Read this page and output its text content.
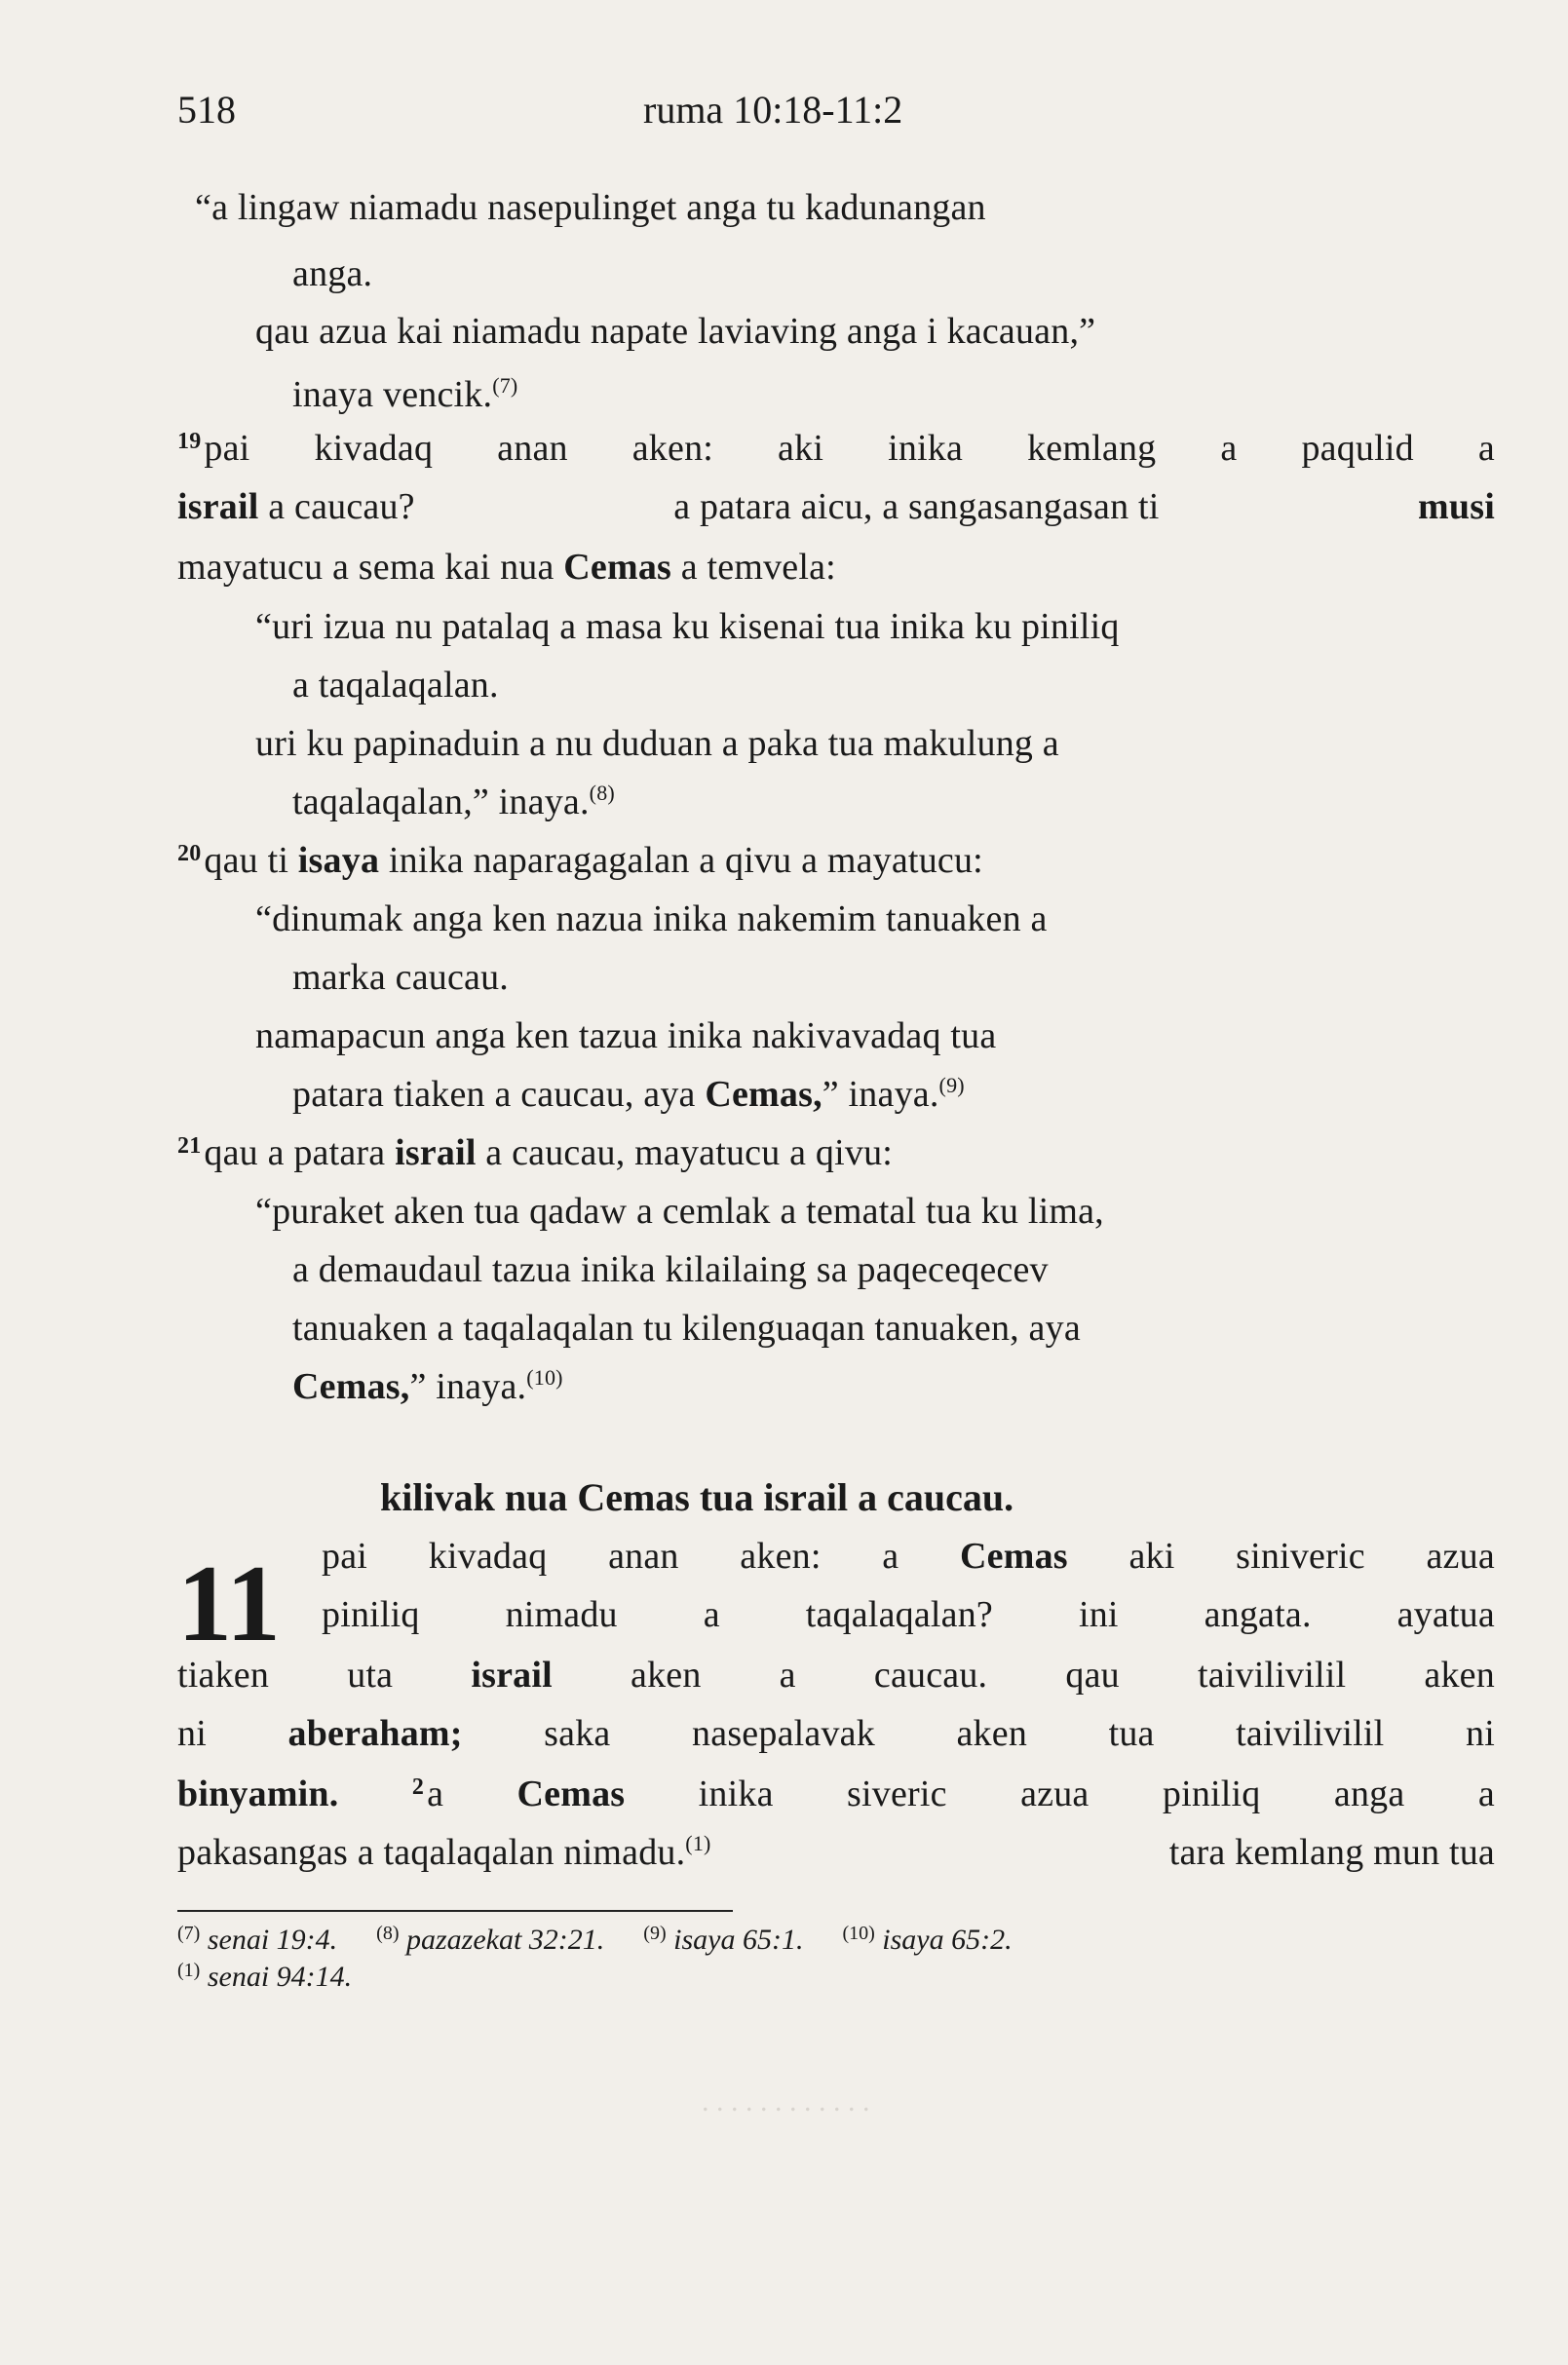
518	ruma 10:18-11:2
“a lingaw niamadu nasepulinget anga tu kadunangan
anga.
qau azua kai niamadu napate laviaving anga i kacauan,”
inaya vencik.$^{(7)}$
$^{19}$pai kivadaq anan aken: aki inika kemlang a paqulid a
israil a caucau?	a patara aicu, a sangasangasan ti	musi
mayatucu a sema kai nua Cemas a temvela:
“uri izua nu patalaq a masa ku kisenai tua inika ku piniliq
a taqalaqalan.
uri ku papinaduin a nu duduan a paka tua makulung a
taqalaqalan,” inaya.$^{(8)}$
$^{20}$qau ti isaya inika naparagagalan a qivu a mayatucu:
“dinumak anga ken nazua inika nakemim tanuaken a
marka caucau.
namapacun anga ken tazua inika nakivavadaq tua
patara tiaken a caucau, aya Cemas,” inaya.$^{(9)}$
$^{21}$qau a patara israil a caucau, mayatucu a qivu:
“puraket aken tua qadaw a cemlak a tematal tua ku lima,
a demaudaul tazua inika kilailaing sa paqeceqecev
tanuaken a taqalaqalan tu kilenguaqan tanuaken, aya
Cemas,” inaya.$^{(10)}$
kilivak nua Cemas tua israil a caucau.
11 pai kivadaq anan aken: a Cemas aki siniveric azua
piniliq nimadu a taqalaqalan? ini angata. ayatua
tiaken uta israil aken a caucau. qau taivilivilil aken
ni aberaham; saka nasepalavak aken tua taivilivilil ni
binyamin.	$^2$a Cemas inika siveric azua piniliq anga a
pakasangas a taqalaqalan nimadu.$^{(1)}$	tara kemlang mun tua
$^{(7)}$ senai 19:4. $^{(8)}$ pazazekat 32:21. $^{(9)}$ isaya 65:1. $^{(10)}$ isaya 65:2.
$^{(1)}$ senai 94:14.
. . . . . . . . . . . .
